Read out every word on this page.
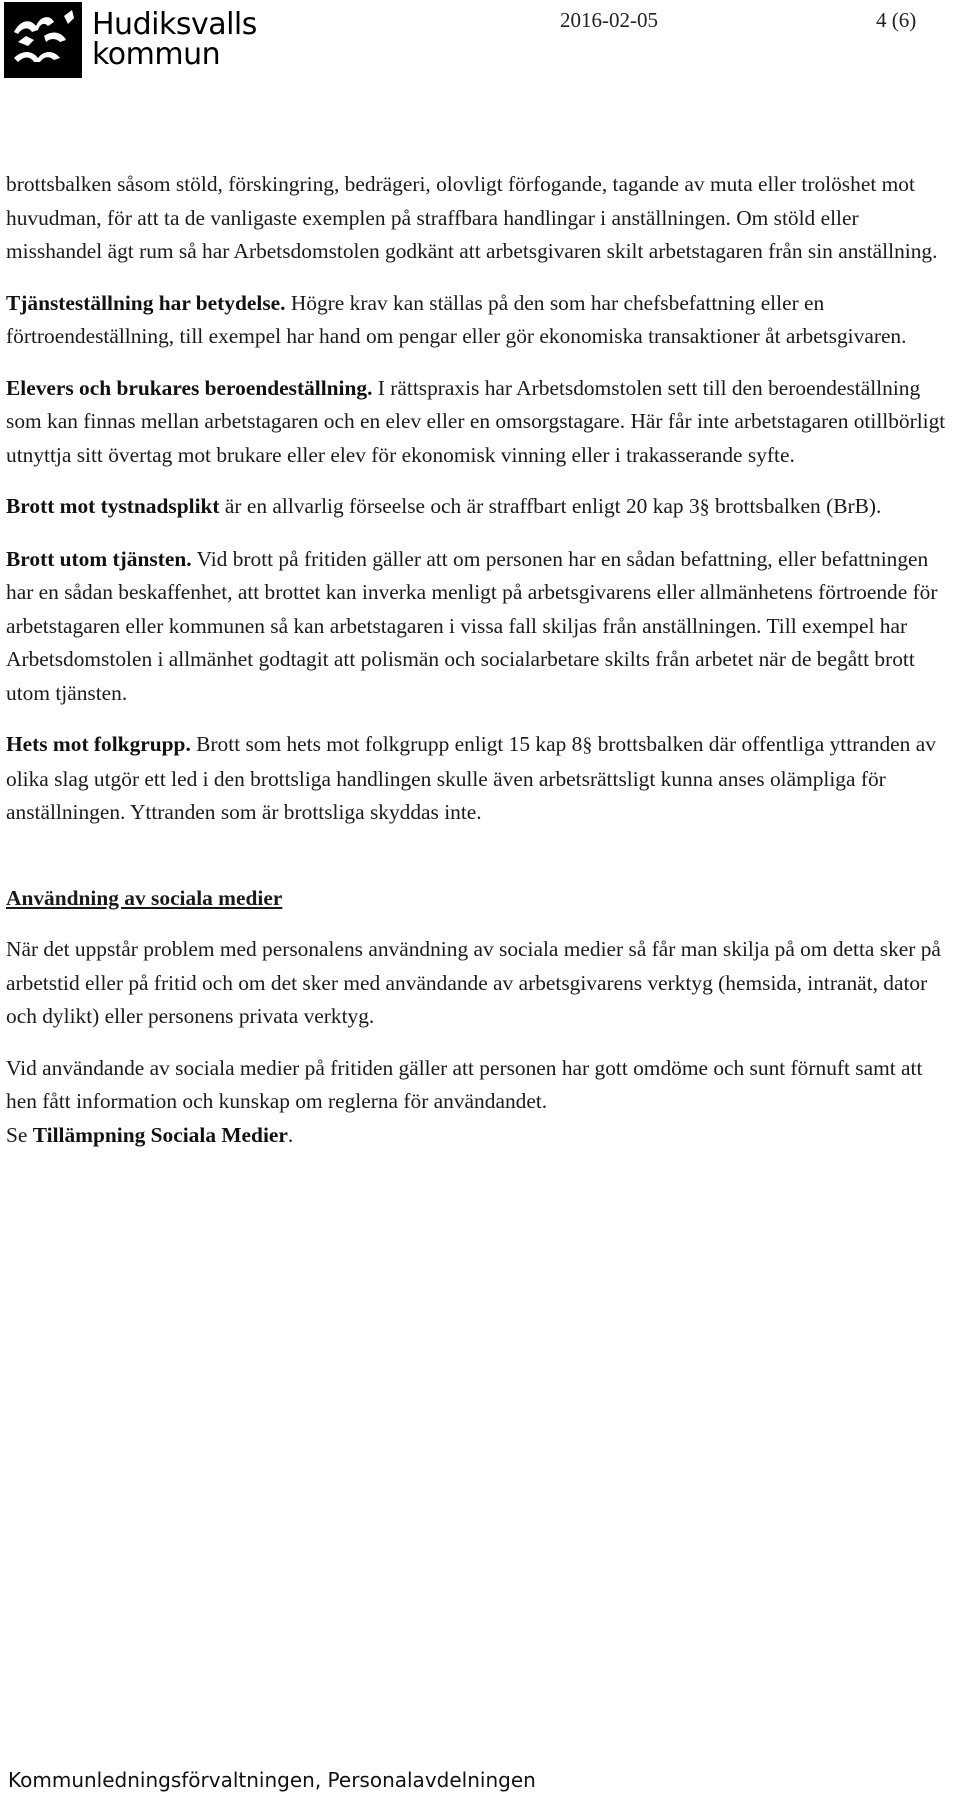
Hudiksvalls
kommun
2016-02-05	4 (6)

brottsbalken såsom stöld, förskingring, bedrägeri, olovligt förfogande, tagande av muta eller trolöshet mot huvudman, för att ta de vanligaste exemplen på straffbara handlingar i anställningen. Om stöld eller misshandel ägt rum så har Arbetsdomstolen godkänt att arbetsgivaren skilt arbetstagaren från sin anställning.

Tjänsteställning har betydelse. Högre krav kan ställas på den som har chefsbefattning eller en förtroendeställning, till exempel har hand om pengar eller gör ekonomiska transaktioner åt arbetsgivaren.

Elevers och brukares beroendeställning. I rättspraxis har Arbetsdomstolen sett till den beroendeställning som kan finnas mellan arbetstagaren och en elev eller en omsorgstagare. Här får inte arbetstagaren otillbörligt utnyttja sitt övertag mot brukare eller elev för ekonomisk vinning eller i trakasserande syfte.

Brott mot tystnadsplikt är en allvarlig förseelse och är straffbart enligt 20 kap 3§ brottsbalken (BrB).

Brott utom tjänsten. Vid brott på fritiden gäller att om personen har en sådan befattning, eller befattningen har en sådan beskaffenhet, att brottet kan inverka menligt på arbetsgivarens eller allmänhetens förtroende för arbetstagaren eller kommunen så kan arbetstagaren i vissa fall skiljas från anställningen. Till exempel har Arbetsdomstolen i allmänhet godtagit att polismän och socialarbetare skilts från arbetet när de begått brott utom tjänsten.

Hets mot folkgrupp. Brott som hets mot folkgrupp enligt 15 kap 8§ brottsbalken där offentliga yttranden av olika slag utgör ett led i den brottsliga handlingen skulle även arbetsrättsligt kunna anses olämpliga för anställningen. Yttranden som är brottsliga skyddas inte.

Användning av sociala medier

När det uppstår problem med personalens användning av sociala medier så får man skilja på om detta sker på arbetstid eller på fritid och om det sker med användande av arbetsgivarens verktyg (hemsida, intranät, dator och dylikt) eller personens privata verktyg.

Vid användande av sociala medier på fritiden gäller att personen har gott omdöme och sunt förnuft samt att hen fått information och kunskap om reglerna för användandet.

Se Tillämpning Sociala Medier.

Kommunledningsförvaltningen, Personalavdelningen
